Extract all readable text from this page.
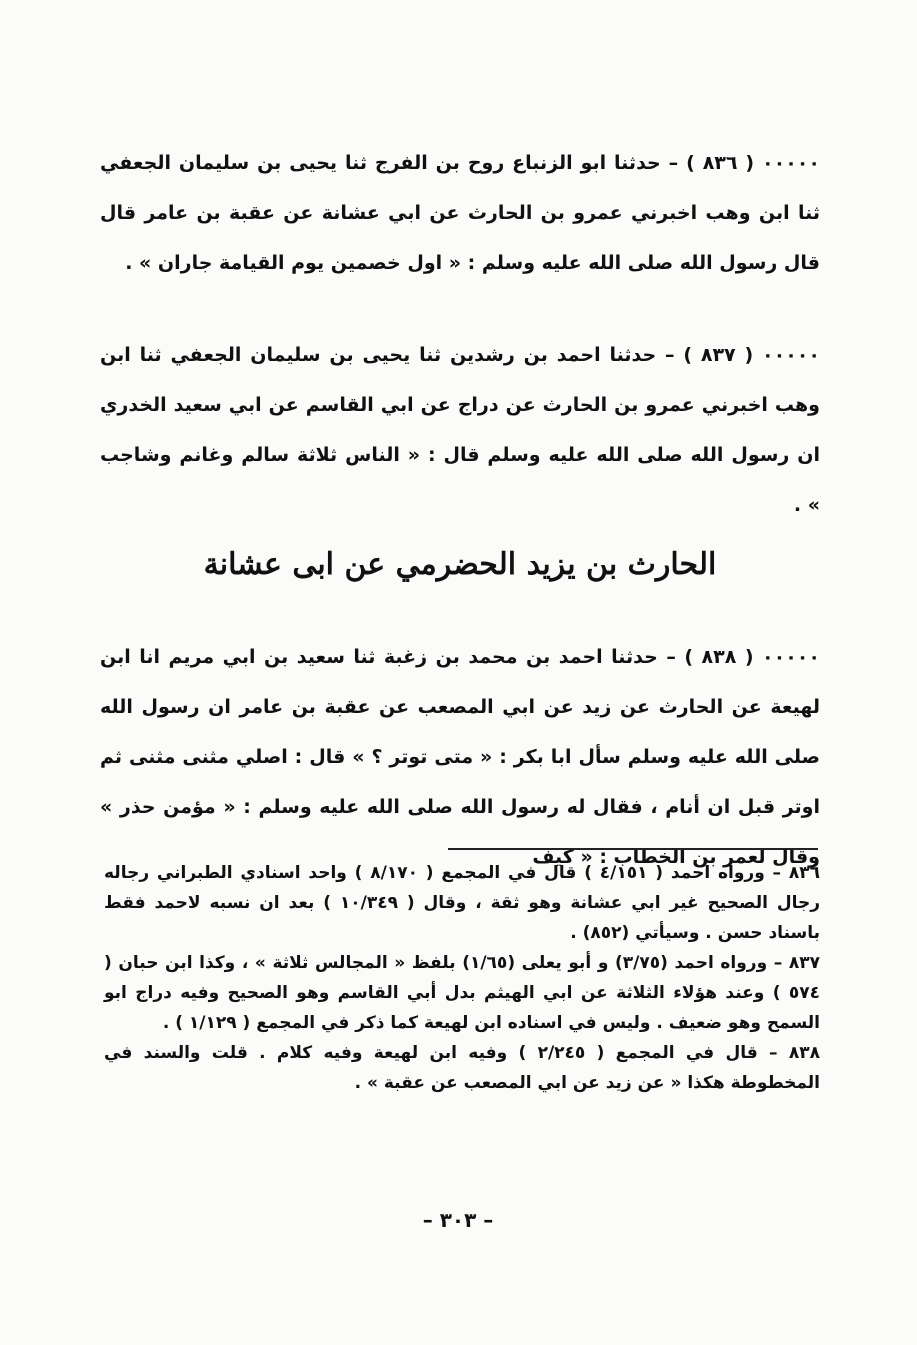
٠٠٠٠٠ ( ٨٣٦ ) – حدثنا ابو الزنباع روح بن الفرج ثنا يحيى بن سليمان الجعفي ثنا ابن وهب اخبرني عمرو بن الحارث عن ابي عشانة عن عقبة بن عامر قال قال رسول الله صلى الله عليه وسلم : « اول خصمين يوم القيامة جاران » .

٠٠٠٠٠ ( ٨٣٧ ) – حدثنا احمد بن رشدين ثنا يحيى بن سليمان الجعفي ثنا ابن وهب اخبرني عمرو بن الحارث عن دراج عن ابي القاسم عن ابي سعيد الخدري ان رسول الله صلى الله عليه وسلم قال : « الناس ثلاثة سالم وغانم وشاجب » .

الحارث بن يزيد الحضرمي عن ابى عشانة

٠٠٠٠٠ ( ٨٣٨ ) – حدثنا احمد بن محمد بن زغبة ثنا سعيد بن ابي مريم انا ابن لهيعة عن الحارث عن زيد عن ابي المصعب عن عقبة بن عامر ان رسول الله صلى الله عليه وسلم سأل ابا بكر : « متى توتر ؟ » قال : اصلي مثنى مثنى ثم اوتر قبل ان أنام ، فقال له رسول الله صلى الله عليه وسلم : « مؤمن حذر » وقال لعمر بن الخطاب : « كيف

٨٣٦ – ورواه احمد ( ٤/١٥١ ) قال في المجمع ( ٨/١٧٠ ) واحد اسنادي الطبراني رجاله رجال الصحيح غير ابي عشانة وهو ثقة ، وقال ( ١٠/٣٤٩ ) بعد ان نسبه لاحمد فقط باسناد حسن . وسيأتي (٨٥٢) .

٨٣٧ – ورواه احمد (٣/٧٥) و أبو يعلى (١/٦٥) بلفظ « المجالس ثلاثة » ، وكذا ابن حبان ( ٥٧٤ ) وعند هؤلاء الثلاثة عن ابي الهيثم بدل أبي القاسم وهو الصحيح وفيه دراج ابو السمح وهو ضعيف . وليس في اسناده ابن لهيعة كما ذكر في المجمع ( ١/١٢٩ ) .

٨٣٨ – قال في المجمع ( ٢/٢٤٥ ) وفيه ابن لهيعة وفيه كلام . قلت والسند في المخطوطة هكذا « عن زيد عن ابي المصعب عن عقبة » .

– ٣٠٣ –
